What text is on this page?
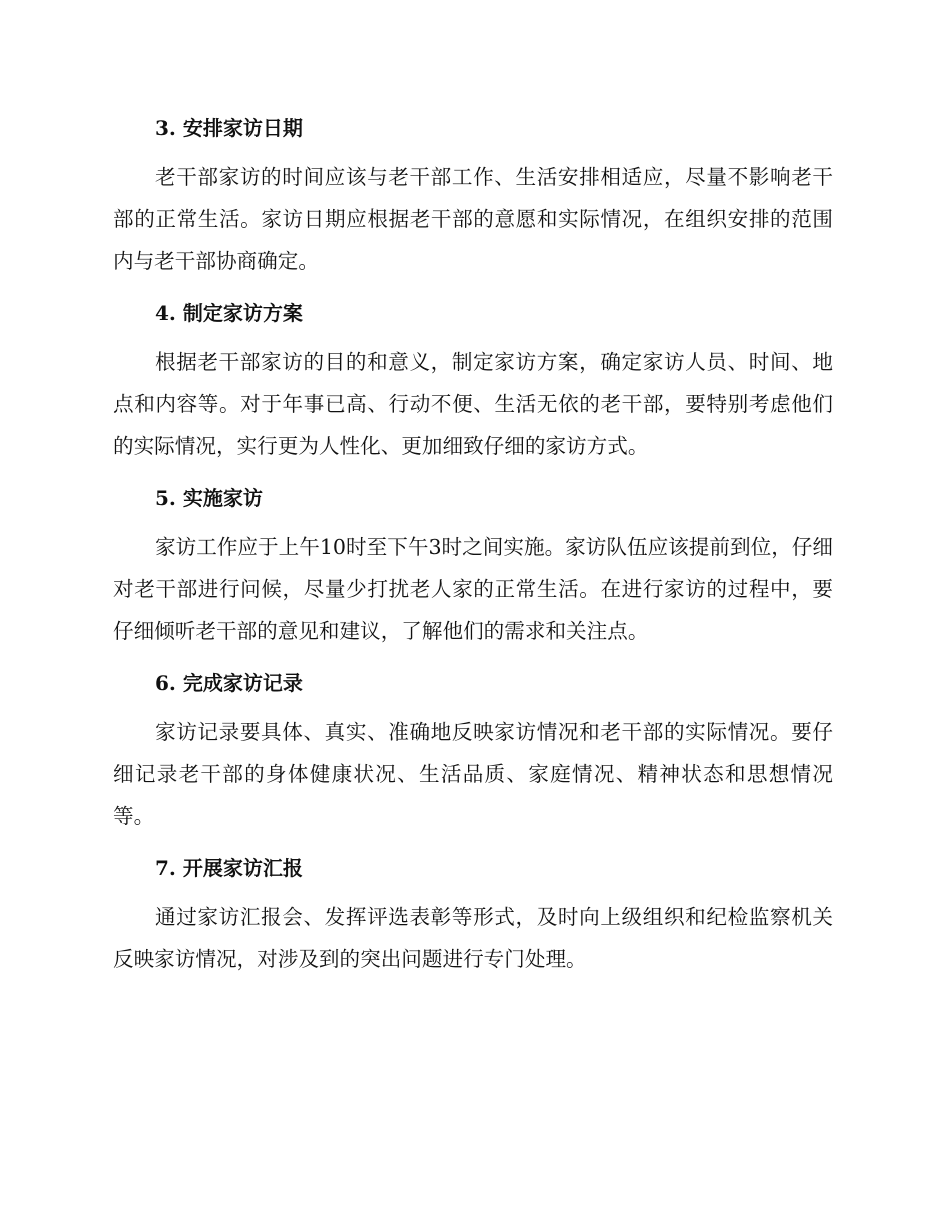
3. 安排家访日期

老干部家访的时间应该与老干部工作、生活安排相适应，尽量不影响老干部的正常生活。家访日期应根据老干部的意愿和实际情况，在组织安排的范围内与老干部协商确定。

4. 制定家访方案

根据老干部家访的目的和意义，制定家访方案，确定家访人员、时间、地点和内容等。对于年事已高、行动不便、生活无依的老干部，要特别考虑他们的实际情况，实行更为人性化、更加细致仔细的家访方式。

5. 实施家访

家访工作应于上午10时至下午3时之间实施。家访队伍应该提前到位，仔细对老干部进行问候，尽量少打扰老人家的正常生活。在进行家访的过程中，要仔细倾听老干部的意见和建议，了解他们的需求和关注点。

6. 完成家访记录

家访记录要具体、真实、准确地反映家访情况和老干部的实际情况。要仔细记录老干部的身体健康状况、生活品质、家庭情况、精神状态和思想情况等。

7. 开展家访汇报

通过家访汇报会、发挥评选表彰等形式，及时向上级组织和纪检监察机关反映家访情况，对涉及到的突出问题进行专门处理。
